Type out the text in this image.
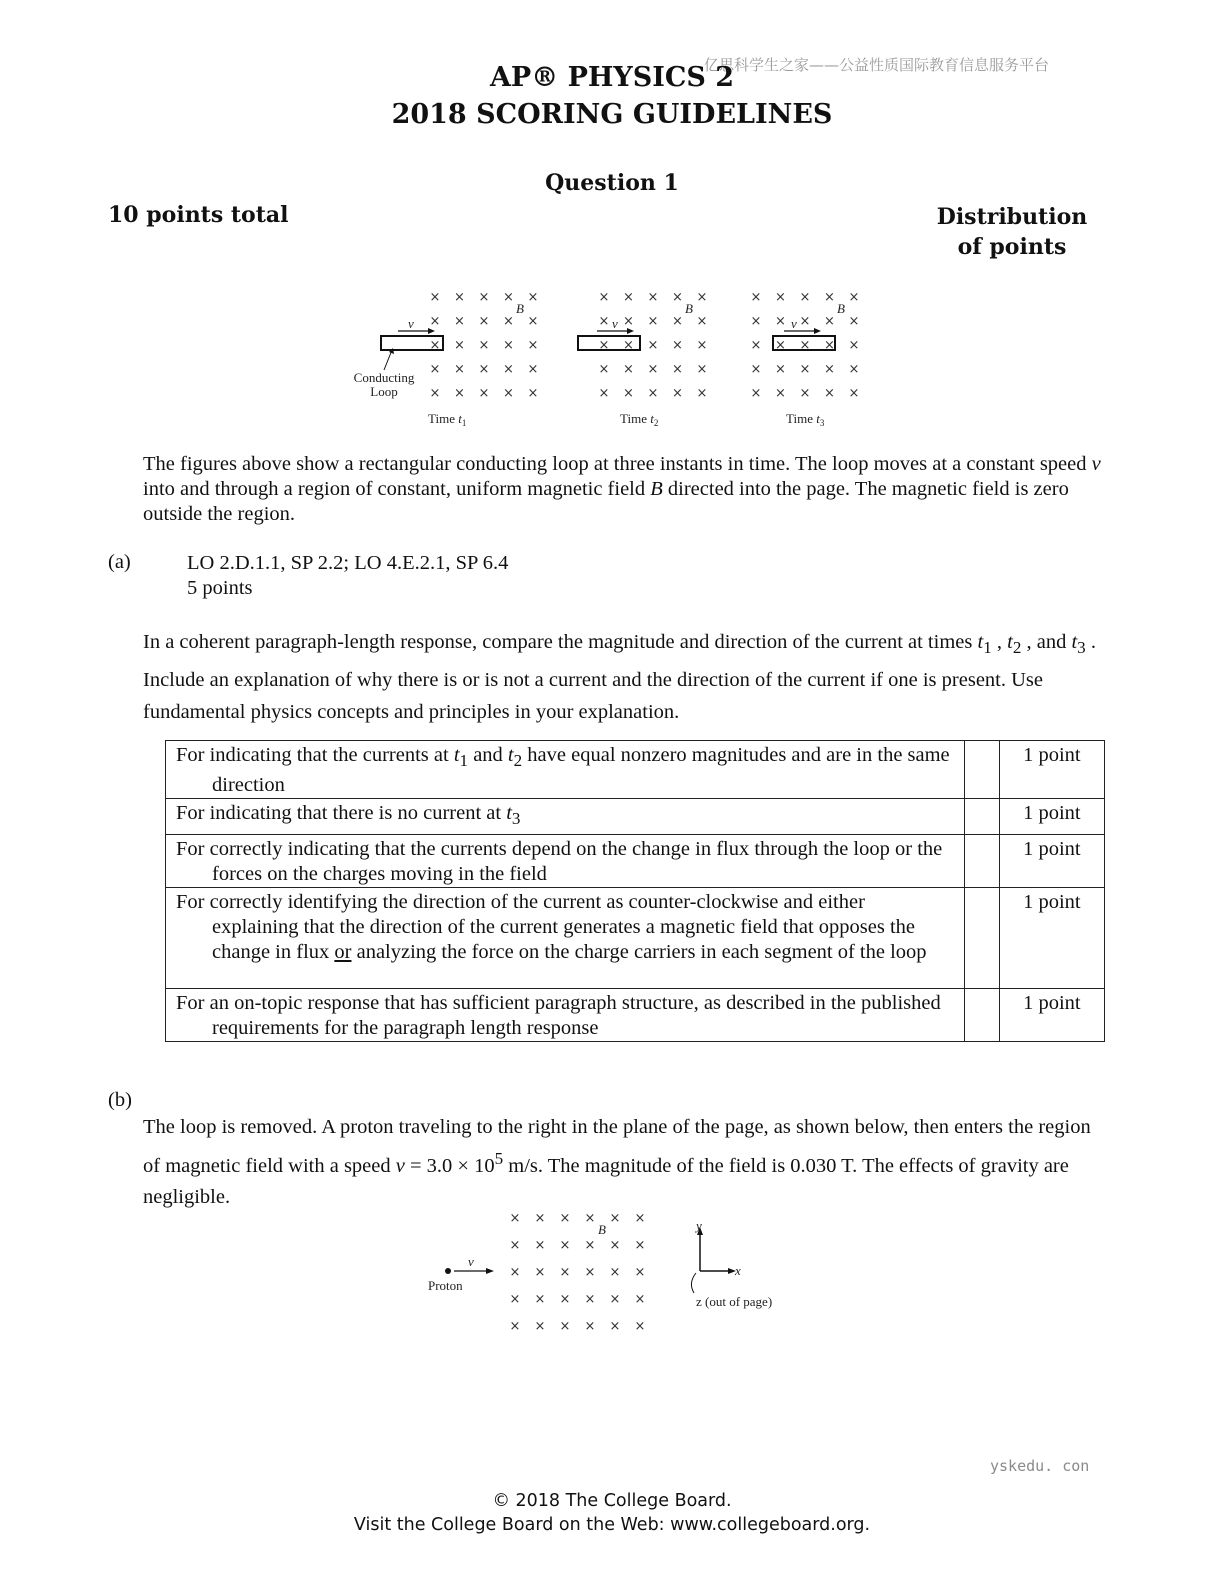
亿思科学生之家——公益性质国际教育信息服务平台
AP® PHYSICS 2
2018 SCORING GUIDELINES
Question 1
10 points total	Distribution
of points
× × × × ×
× × × × ×
× × × × ×
× × × × ×
× × × × ×
× × × × ×
× × × × ×
× × × × ×
× × × × ×
× × × × ×
× × × × ×
× × × × ×
× × × × ×
× × × × ×
× × × × ×
B	B	B
v	v	v
Conducting
Loop
Time $t_1$	Time $t_2$	Time $t_3$
The figures above show a rectangular conducting loop at three instants in time. The loop moves at a constant speed v into and through a region of constant, uniform magnetic field B directed into the page. The magnetic field is zero outside the region.
(a)	LO 2.D.1.1, SP 2.2; LO 4.E.2.1, SP 6.4
5 points
In a coherent paragraph-length response, compare the magnitude and direction of the current at times $t_1$ , $t_2$ , and $t_3$ . Include an explanation of why there is or is not a current and the direction of the current if one is present. Use fundamental physics concepts and principles in your explanation.
For indicating that the currents at $t_1$ and $t_2$ have equal nonzero magnitudes and are in the same direction		1 point

For indicating that there is no current at $t_3$		1 point

For correctly indicating that the currents depend on the change in flux through the loop or the forces on the charges moving in the field		1 point

For correctly identifying the direction of the current as counter-clockwise and either explaining that the direction of the current generates a magnetic field that opposes the change in flux or analyzing the force on the charge carriers in each segment of the loop		1 point

For an on-topic response that has sufficient paragraph structure, as described in the published requirements for the paragraph length response		1 point
(b)
The loop is removed. A proton traveling to the right in the plane of the page, as shown below, then enters the region of magnetic field with a speed $v = 3.0 \times 10^5$ m/s. The magnitude of the field is 0.030 T. The effects of gravity are negligible.
× × × × × ×
× × × × × ×
× × × × × ×
× × × × × ×
× × × × × ×
B
v
Proton
y
x
z (out of page)
yskedu. con
© 2018 The College Board.
Visit the College Board on the Web: www.collegeboard.org.
